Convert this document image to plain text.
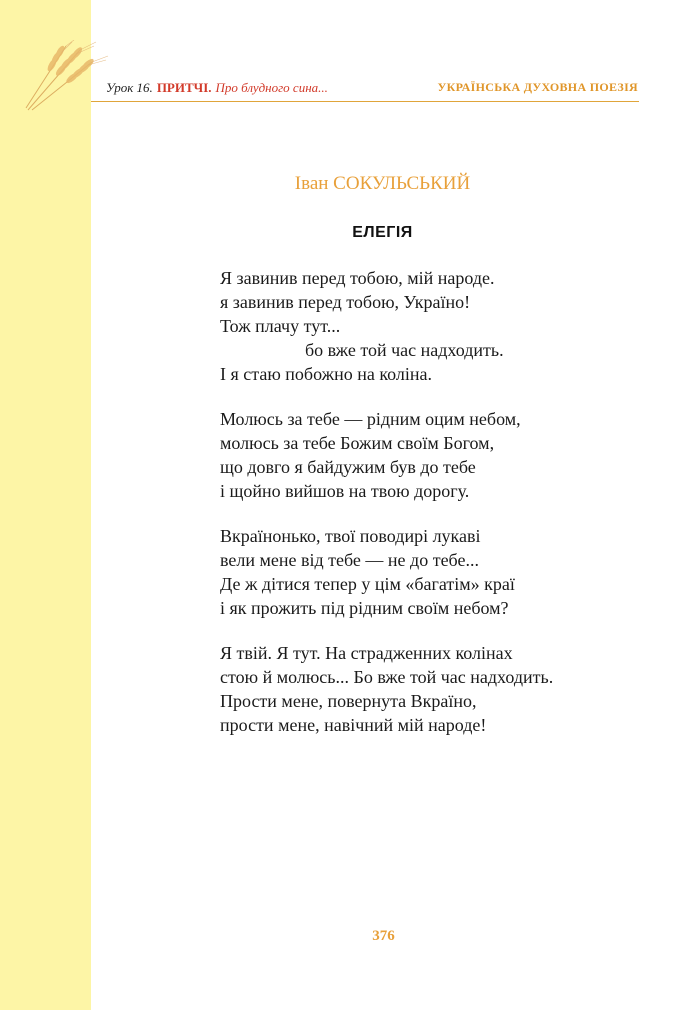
Урок 16. ПРИТЧІ. Про блудного сина...	УКРАЇНСЬКА ДУХОВНА ПОЕЗІЯ
Іван СОКУЛЬСЬКИЙ
ЕЛЕГІЯ
Я завинив перед тобою, мій народе.
я завинив перед тобою, Україно!
Тож плачу тут...
бо вже той час надходить.
І я стаю побожно на коліна.
Молюсь за тебе — рідним оцим небом,
молюсь за тебе Божим своїм Богом,
що довго я байдужим був до тебе
і щойно вийшов на твою дорогу.
Вкраїнонько, твої поводирі лукаві
вели мене від тебе — не до тебе...
Де ж дітися тепер у цім «багатім» краї
і як прожить під рідним своїм небом?
Я твій. Я тут. На страдженних колінах
стою й молюсь... Бо вже той час надходить.
Прости мене, повернута Вкраїно,
прости мене, навічний мій народе!
376
